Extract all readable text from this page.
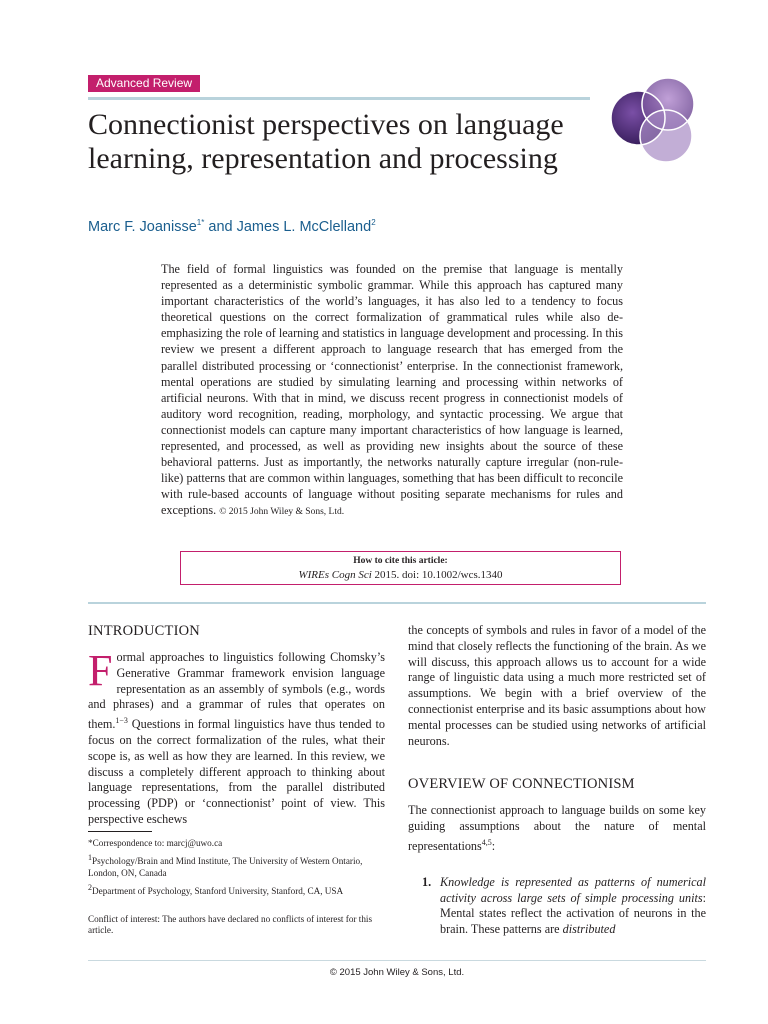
Advanced Review
Connectionist perspectives on language learning, representation and processing
Marc F. Joanisse$^{1*}$ and James L. McClelland$^2$

The field of formal linguistics was founded on the premise that language is mentally represented as a deterministic symbolic grammar. While this approach has captured many important characteristics of the world’s languages, it has also led to a tendency to focus theoretical questions on the correct formalization of grammatical rules while also de-emphasizing the role of learning and statistics in language development and processing. In this review we present a different approach to language research that has emerged from the parallel distributed processing or ‘connectionist’ enterprise. In the connectionist framework, mental operations are studied by simulating learning and processing within networks of artificial neurons. With that in mind, we discuss recent progress in connectionist models of auditory word recognition, reading, morphology, and syntactic processing. We argue that connectionist models can capture many important characteristics of how language is learned, represented, and processed, as well as providing new insights about the source of these behavioral patterns. Just as importantly, the networks naturally capture irregular (non-rule-like) patterns that are common within languages, something that has been difficult to reconcile with rule-based accounts of language without positing separate mechanisms for rules and exceptions. © 2015 John Wiley & Sons, Ltd.

How to cite this article:
WIREs Cogn Sci 2015. doi: 10.1002/wcs.1340
INTRODUCTION

Formal approaches to linguistics following Chomsky’s Generative Grammar framework envision language representation as an assembly of symbols (e.g., words and phrases) and a grammar of rules that operates on them.$^{1-3}$ Questions in formal linguistics have thus tended to focus on the correct formalization of the rules, what their scope is, as well as how they are learned. In this review, we discuss a completely different approach to thinking about language representations, from the parallel distributed processing (PDP) or ‘connectionist’ point of view. This perspective eschews

*Correspondence to: marcj@uwo.ca

$^1$Psychology/Brain and Mind Institute, The University of Western Ontario, London, ON, Canada

$^2$Department of Psychology, Stanford University, Stanford, CA, USA

Conflict of interest: The authors have declared no conflicts of interest for this article.

the concepts of symbols and rules in favor of a model of the mind that closely reflects the functioning of the brain. As we will discuss, this approach allows us to account for a wide range of linguistic data using a much more restricted set of assumptions. We begin with a brief overview of the connectionist enterprise and its basic assumptions about how mental processes can be studied using networks of artificial neurons.

OVERVIEW OF CONNECTIONISM

The connectionist approach to language builds on some key guiding assumptions about the nature of mental representations$^{4,5}$:

1. Knowledge is represented as patterns of numerical activity across large sets of simple processing units: Mental states reflect the activation of neurons in the brain. These patterns are distributed

© 2015 John Wiley & Sons, Ltd.
